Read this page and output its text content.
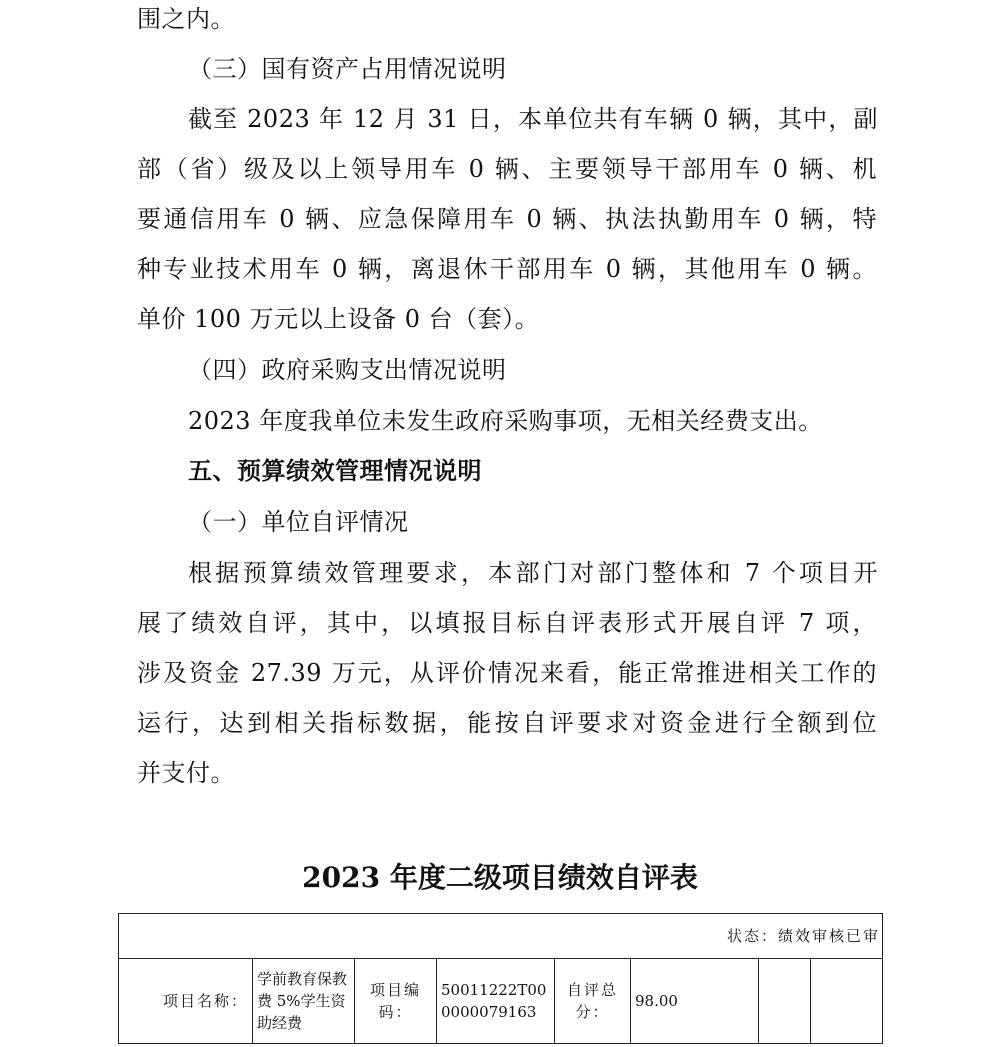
围之内。
（三）国有资产占用情况说明
截至 2023 年 12 月 31 日，本单位共有车辆 0 辆，其中，副
部（省）级及以上领导用车 0 辆、主要领导干部用车 0 辆、机
要通信用车 0 辆、应急保障用车 0 辆、执法执勤用车 0 辆，特
种专业技术用车 0 辆，离退休干部用车 0 辆，其他用车 0 辆。
单价 100 万元以上设备 0 台（套）。
（四）政府采购支出情况说明
2023 年度我单位未发生政府采购事项，无相关经费支出。
五、预算绩效管理情况说明
（一）单位自评情况
根据预算绩效管理要求，本部门对部门整体和 7 个项目开
展了绩效自评，其中，以填报目标自评表形式开展自评 7 项，
涉及资金 27.39 万元，从评价情况来看，能正常推进相关工作的
运行，达到相关指标数据，能按自评要求对资金进行全额到位
并支付。
2023 年度二级项目绩效自评表
状态：绩效审核已审
项目名称：	学前教育保教费 5%学生资助经费	项目编码：	50011222T000000079163	自评总分：	98.00		
